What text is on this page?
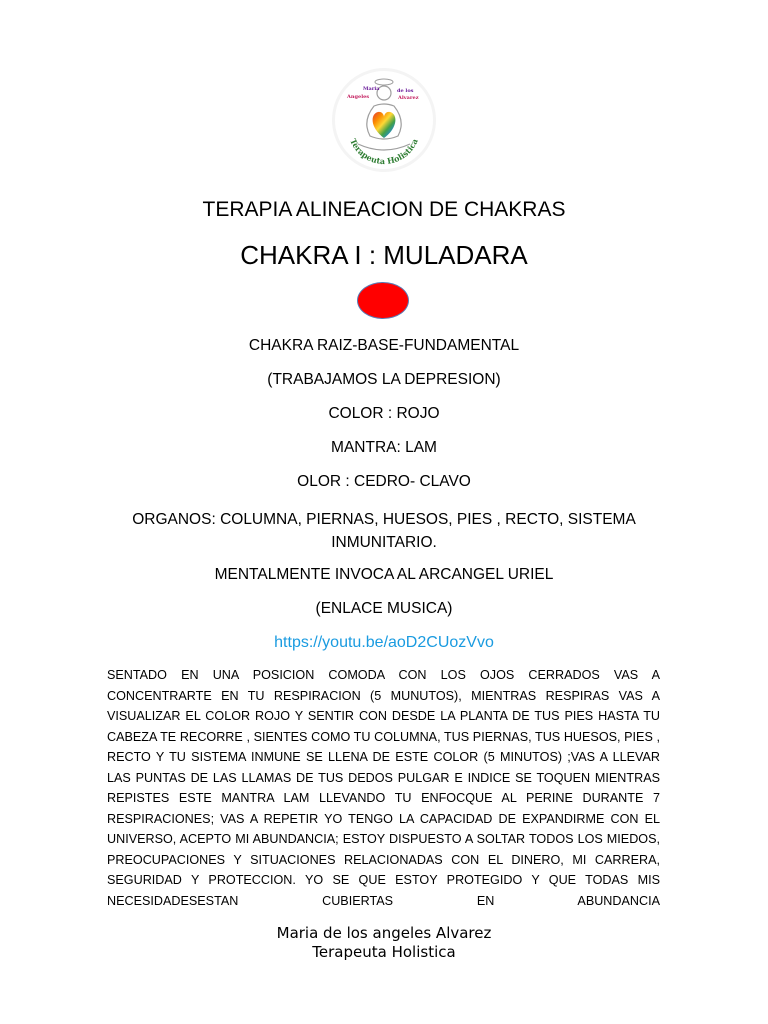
Maria	de los
Angeles	Alvarez
Terapeuta Holistica
TERAPIA ALINEACION DE CHAKRAS
CHAKRA I : MULADARA
CHAKRA RAIZ-BASE-FUNDAMENTAL
(TRABAJAMOS LA DEPRESION)
COLOR : ROJO
MANTRA: LAM
OLOR : CEDRO- CLAVO
ORGANOS: COLUMNA, PIERNAS, HUESOS, PIES , RECTO, SISTEMA INMUNITARIO.
MENTALMENTE INVOCA AL ARCANGEL URIEL
(ENLACE MUSICA)
https://youtu.be/aoD2CUozVvo
SENTADO EN UNA POSICION COMODA CON LOS OJOS CERRADOS VAS A CONCENTRARTE EN TU RESPIRACION (5 MUNUTOS), MIENTRAS RESPIRAS VAS A VISUALIZAR EL COLOR ROJO Y SENTIR CON DESDE LA PLANTA DE TUS PIES HASTA TU CABEZA TE RECORRE , SIENTES COMO TU COLUMNA, TUS PIERNAS, TUS HUESOS, PIES , RECTO Y TU SISTEMA INMUNE SE LLENA DE ESTE COLOR (5 MINUTOS) ;VAS A LLEVAR LAS PUNTAS DE LAS LLAMAS DE TUS DEDOS PULGAR E INDICE SE TOQUEN MIENTRAS REPISTES ESTE MANTRA LAM LLEVANDO TU ENFOCQUE AL PERINE DURANTE 7 RESPIRACIONES; VAS A REPETIR YO TENGO LA CAPACIDAD DE EXPANDIRME CON EL UNIVERSO, ACEPTO MI ABUNDANCIA; ESTOY DISPUESTO A SOLTAR TODOS LOS MIEDOS, PREOCUPACIONES Y SITUACIONES RELACIONADAS CON EL DINERO, MI CARRERA, SEGURIDAD Y PROTECCION. YO SE QUE ESTOY PROTEGIDO Y QUE TODAS MIS NECESIDADESESTAN CUBIERTAS EN ABUNDANCIA
Maria de los angeles Alvarez
Terapeuta Holistica
